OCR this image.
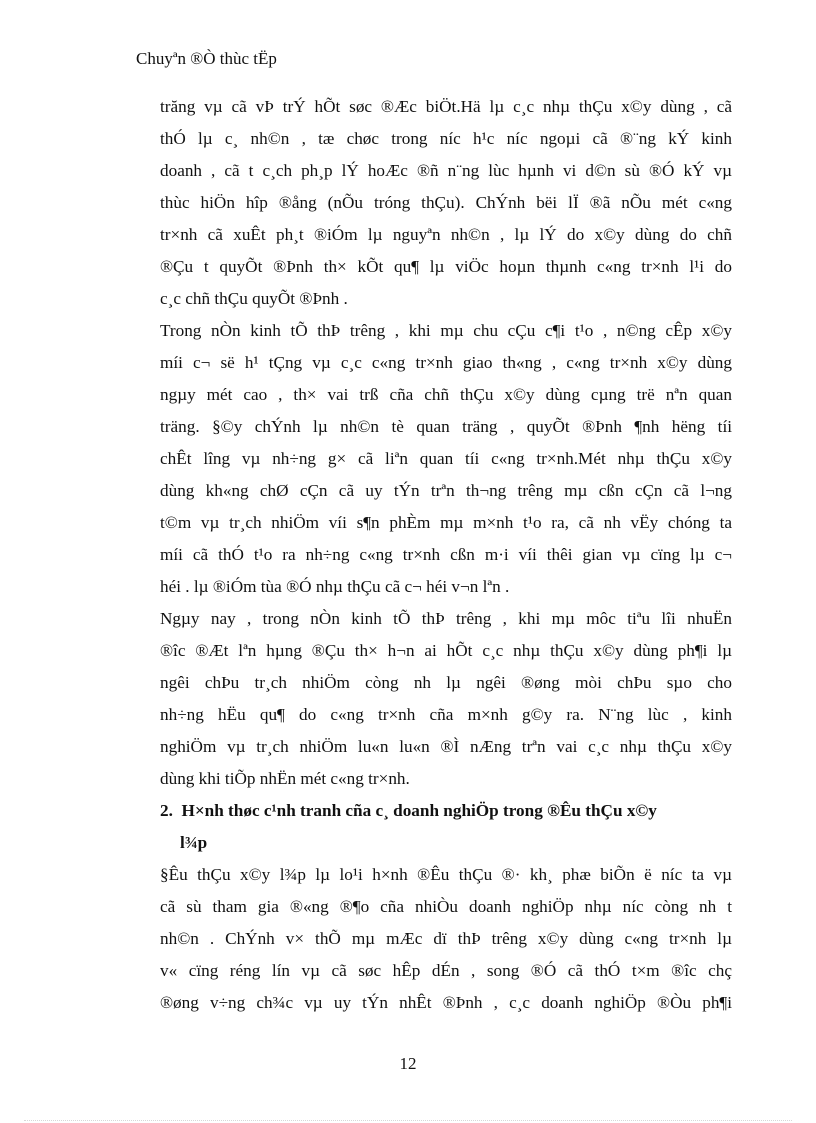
Chuyªn ®Ò thùc tËp
trăng vµ cã vÞ trÝ hÕt søc ®Æc biÖt.Hä lµ c¸c nhµ thÇu x©y dùng , cã
thÓ lµ c¸ nh©n , tæ chøc trong níc h¹c níc ngoµi cã ®¨ng kÝ kinh
doanh , cã t c¸ch ph¸p lÝ hoÆc ®ñ n¨ng lùc hµnh vi d©n sù ®Ó kÝ vµ
thùc hiÖn hîp ®ång (nÕu tróng thÇu). ChÝnh bëi lÏ ®ã nÕu mét c«ng
tr×nh cã xuÊt ph¸t ®iÓm lµ nguyªn nh©n , lµ lÝ do x©y dùng do chñ
®Çu t quyÕt ®Þnh th× kÕt qu¶ lµ viÖc hoµn thµnh c«ng tr×nh l¹i do
c¸c chñ thÇu quyÕt ®Þnh .
Trong nÒn kinh tÕ thÞ trêng , khi mµ chu cÇu c¶i t¹o , n©ng cÊp x©y
míi c¬ së h¹ tÇng vµ c¸c c«ng tr×nh giao th«ng , c«ng tr×nh x©y dùng
ngµy mét cao , th× vai trß cña chñ thÇu x©y dùng cµng trë nªn quan
träng. §©y chÝnh lµ nh©n tè quan träng , quyÕt ®Þnh ¶nh hëng tíi
chÊt lîng vµ nh÷ng g× cã liªn quan tíi c«ng tr×nh.Mét nhµ thÇu x©y
dùng kh«ng chØ cÇn cã uy tÝn trªn th¬ng trêng mµ cßn cÇn cã l¬ng
t©m vµ tr¸ch nhiÖm víi s¶n phÈm mµ m×nh t¹o ra, cã nh vËy chóng ta
míi cã thÓ t¹o ra nh÷ng c«ng tr×nh cßn m·i víi thêi gian vµ cïng lµ c¬
héi . lµ ®iÓm tùa ®Ó nhµ thÇu cã c¬ héi v¬n lªn .
Ngµy nay , trong nÒn kinh tÕ thÞ trêng , khi mµ môc tiªu lîi nhuËn
®îc ®Æt lªn hµng ®Çu th× h¬n ai hÕt c¸c nhµ thÇu x©y dùng ph¶i lµ
ngêi chÞu tr¸ch nhiÖm còng nh lµ ngêi ®øng mòi chÞu sµo cho
nh÷ng hËu qu¶ do c«ng tr×nh cña m×nh g©y ra. N¨ng lùc , kinh
nghiÖm vµ tr¸ch nhiÖm lu«n lu«n ®Ì nÆng trªn vai c¸c nhµ thÇu x©y
dùng khi tiÕp nhËn mét c«ng tr×nh.
2. H×nh thøc c¹nh tranh cña c¸ doanh nghiÖp trong ®Êu thÇu x©y
l¾p
§Êu thÇu x©y l¾p lµ lo¹i h×nh ®Êu thÇu ®· kh¸ phæ biÕn ë níc ta vµ
cã sù tham gia ®«ng ®¶o cña nhiÒu doanh nghiÖp nhµ níc còng nh t
nh©n . ChÝnh v× thÕ mµ mÆc dï thÞ trêng x©y dùng c«ng tr×nh lµ
v« cïng réng lín vµ cã søc hÊp dÉn , song ®Ó cã thÓ t×m ®îc chç
®øng v÷ng ch¾c vµ uy tÝn nhÊt ®Þnh , c¸c doanh nghiÖp ®Òu ph¶i
12
